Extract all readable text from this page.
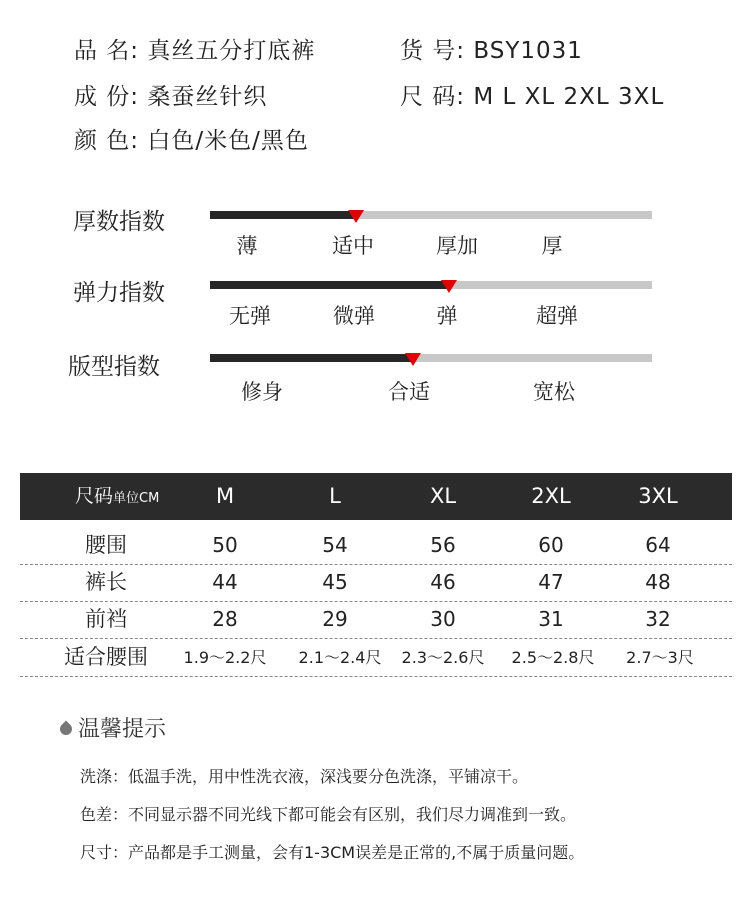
品 名: 真丝五分打底裤	货 号: BSY1031
成 份: 桑蚕丝针织	尺 码: M L XL 2XL 3XL
颜 色: 白色/米色/黑色
厚数指数
薄	适中	厚加	厚
弹力指数
无弹	微弹	弹	超弹
版型指数
修身	合适	宽松
尺码单位CM	M	L	XL	2XL	3XL
腰围	50	54	56	60	64
裤长	44	45	46	47	48
前裆	28	29	30	31	32
适合腰围 1.9～2.2尺 2.1～2.4尺 2.3～2.6尺 2.5～2.8尺 2.7～3尺
温馨提示
洗涤：低温手洗，用中性洗衣液，深浅要分色洗涤，平铺凉干。
色差：不同显示器不同光线下都可能会有区别，我们尽力调准到一致。
尺寸：产品都是手工测量，会有1-3CM误差是正常的,不属于质量问题。
